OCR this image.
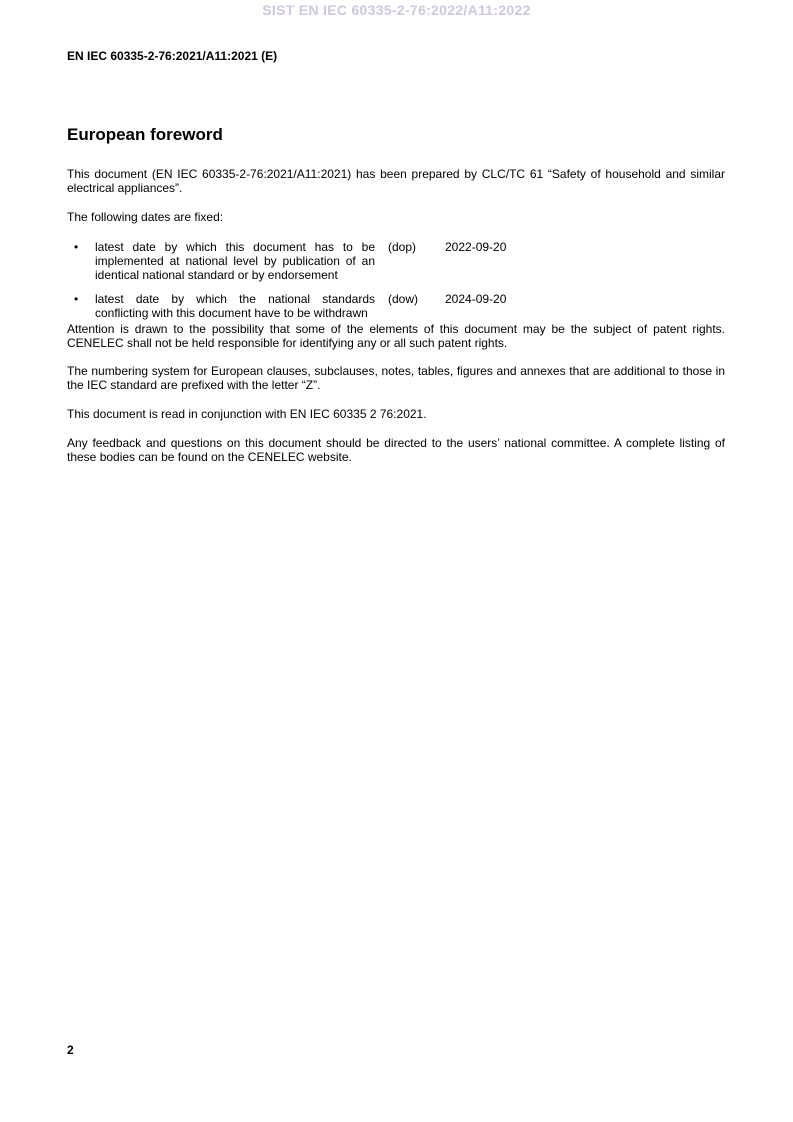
SIST EN IEC 60335-2-76:2022/A11:2022
EN IEC 60335-2-76:2021/A11:2021 (E)
European foreword

This document (EN IEC 60335-2-76:2021/A11:2021) has been prepared by CLC/TC 61 “Safety of household and similar electrical appliances”.

The following dates are fixed:

• latest date by which this document has to be implemented at national level by publication of an identical national standard or by endorsement
(dop) 2022-09-20
• latest date by which the national standards conflicting with this document have to be withdrawn
(dow) 2024-09-20

Attention is drawn to the possibility that some of the elements of this document may be the subject of patent rights. CENELEC shall not be held responsible for identifying any or all such patent rights.

The numbering system for European clauses, subclauses, notes, tables, figures and annexes that are additional to those in the IEC standard are prefixed with the letter “Z”.

This document is read in conjunction with EN IEC 60335 2 76:2021.

Any feedback and questions on this document should be directed to the users’ national committee. A complete listing of these bodies can be found on the CENELEC website.

2
